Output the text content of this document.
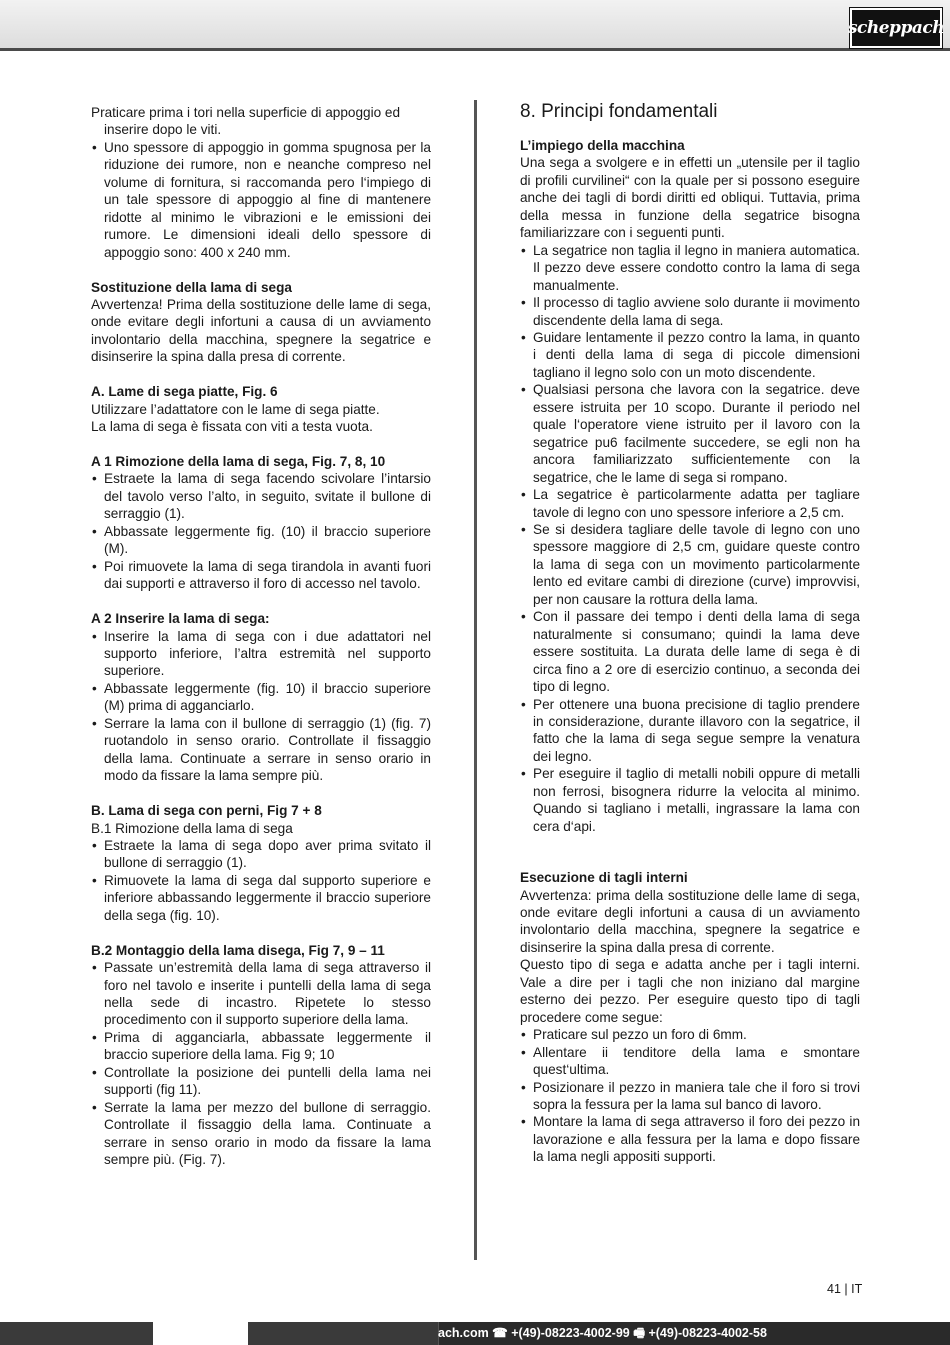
scheppach

Praticare prima i tori nella superficie di appoggio ed

inserire dopo le viti.

• Uno spessore di appoggio in gomma spugnosa per la riduzione dei rumore, non e neanche compreso nel volume di fornitura, si raccomanda pero l‘impiego di un tale spessore di appoggio al fine di mantenere ridotte al minimo le vibrazioni e le emissioni dei rumore. Le dimensioni ideali dello spessore di appoggio sono: 400 x 240 mm.

Sostituzione della lama di sega

Avvertenza! Prima della sostituzione delle lame di sega, onde evitare degli infortuni a causa di un avviamento involontario della macchina, spegnere la segatrice e disinserire la spina dalla presa di corrente.

A. Lame di sega piatte, Fig. 6

Utilizzare l’adattatore con le lame di sega piatte.

La lama di sega è fissata con viti a testa vuota.

A 1 Rimozione della lama di sega, Fig. 7, 8, 10

• Estraete la lama di sega facendo scivolare l’intarsio del tavolo verso l’alto, in seguito, svitate il bullone di serraggio (1).
• Abbassate leggermente fig. (10) il braccio superiore (M).
• Poi rimuovete la lama di sega tirandola in avanti fuori dai supporti e attraverso il foro di accesso nel tavolo.

A 2 Inserire la lama di sega:

• Inserire la lama di sega con i due adattatori nel supporto inferiore, l’altra estremità nel supporto superiore.
• Abbassate leggermente (fig. 10) il braccio superiore (M) prima di agganciarlo.
• Serrare la lama con il bullone di serraggio (1) (fig. 7) ruotandolo in senso orario. Controllate il fissaggio della lama. Continuate a serrare in senso orario in modo da fissare la lama sempre più.

B. Lama di sega con perni, Fig 7 + 8

B.1 Rimozione della lama di sega

• Estraete la lama di sega dopo aver prima svitato il bullone di serraggio (1).
• Rimuovete la lama di sega dal supporto superiore e inferiore abbassando leggermente il braccio superiore della sega (fig. 10).

B.2 Montaggio della lama disega, Fig 7, 9 – 11

• Passate un’estremità della lama di sega attraverso il foro nel tavolo e inserite i puntelli della lama di sega nella sede di incastro. Ripetete lo stesso procedimento con il supporto superiore della lama.
• Prima di agganciarla, abbassate leggermente il braccio superiore della lama. Fig 9; 10
• Controllate la posizione dei puntelli della lama nei supporti (fig 11).
• Serrate la lama per mezzo del bullone di serraggio. Controllate il fissaggio della lama. Continuate a serrare in senso orario in modo da fissare la lama sempre più. (Fig. 7).
8. Principi fondamentali

L’impiego della macchina

Una sega a svolgere e in effetti un „utensile per il taglio di profili curvilinei“ con la quale per si possono eseguire anche dei tagli di bordi diritti ed obliqui. Tuttavia, prima della messa in funzione della segatrice bisogna familiarizzare con i seguenti punti.

• La segatrice non taglia il legno in maniera automatica. Il pezzo deve essere condotto contro la lama di sega manualmente.
• Il processo di taglio avviene solo durante ii movimento discendente della lama di sega.
• Guidare lentamente il pezzo contro la lama, in quanto i denti della lama di sega di piccole dimensioni tagliano il legno solo con un moto discendente.
• Qualsiasi persona che lavora con la segatrice. deve essere istruita per 10 scopo. Durante il periodo nel quale l‘operatore viene istruito per il lavoro con la segatrice pu6 facilmente succedere, se egli non ha ancora familiarizzato sufficientemente con la segatrice, che le lame di sega si rompano.
• La segatrice è particolarmente adatta per tagliare tavole di legno con uno spessore inferiore a 2,5 cm.
• Se si desidera tagliare delle tavole di legno con uno spessore maggiore di 2,5 cm, guidare queste contro la lama di sega con un movimento particolarmente lento ed evitare cambi di direzione (curve) improvvisi, per non causare la rottura della lama.
• Con il passare dei tempo i denti della lama di sega naturalmente si consumano; quindi la lama deve essere sostituita. La durata delle lame di sega è di circa fino a 2 ore di esercizio continuo, a seconda dei tipo di legno.
• Per ottenere una buona precisione di taglio prendere in considerazione, durante illavoro con la segatrice, il fatto che la lama di sega segue sempre la venatura dei legno.
• Per eseguire il taglio di metalli nobili oppure di metalli non ferrosi, bisognera ridurre la velocita al minimo. Quando si tagliano i metalli, ingrassare la lama con cera d‘api.

Esecuzione di tagli interni

Avvertenza: prima della sostituzione delle lame di sega, onde evitare degli infortuni a causa di un avviamento involontario della macchina, spegnere la segatrice e disinserire la spina dalla presa di corrente.

Questo tipo di sega e adatta anche per i tagli interni. Vale a dire per i tagli che non iniziano dal margine esterno dei pezzo. Per eseguire questo tipo di tagli procedere come segue:

• Praticare sul pezzo un foro di 6mm.
• Allentare ii tenditore della lama e smontare quest‘ultima.
• Posizionare il pezzo in maniera tale che il foro si trovi sopra la fessura per la lama sul banco di lavoro.
• Montare la lama di sega attraverso il foro dei pezzo in lavorazione e alla fessura per la lama e dopo fissare la lama negli appositi supporti.
41 | IT
ach.com ☎ +(49)-08223-4002-99 🖷 +(49)-08223-4002-58
